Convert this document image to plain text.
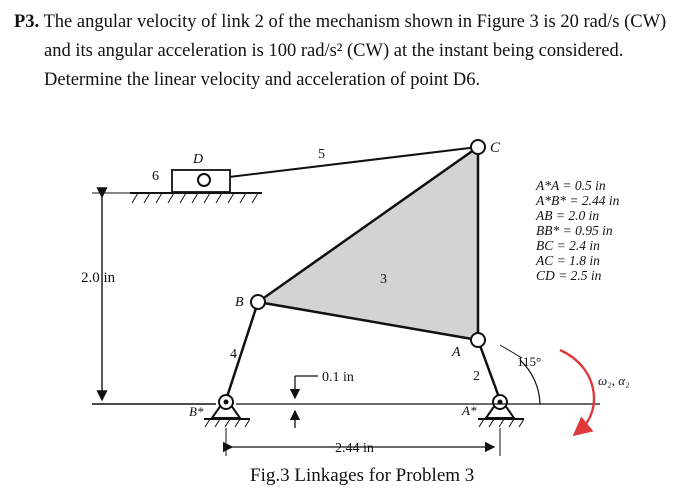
P3. The angular velocity of link 2 of the mechanism shown in Figure 3 is 20 rad/s (CW)
and its angular acceleration is 100 rad/s² (CW) at the instant being considered.
Determine the linear velocity and acceleration of point D6.
D
6
5	C
B
3
4	A
2
A*
B*
2.0 in
0.1 in
2.44 in
115°
ω₂, α₂
A*A = 0.5 in
A*B* = 2.44 in
AB = 2.0 in
BB* = 0.95 in
BC = 2.4 in
AC = 1.8 in
CD = 2.5 in
Fig.3 Linkages for Problem 3
